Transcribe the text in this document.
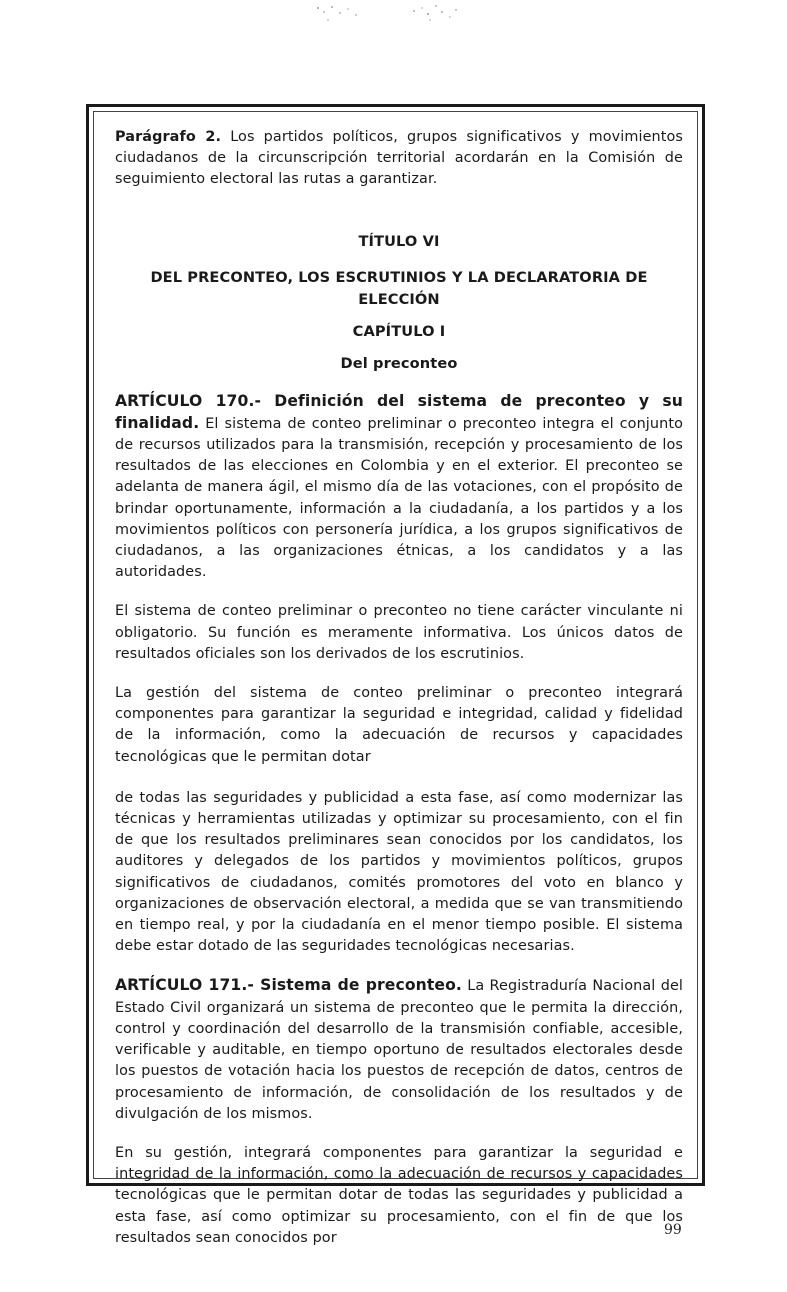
Parágrafo 2. Los partidos políticos, grupos significativos y movimientos ciudadanos de la circunscripción territorial acordarán en la Comisión de seguimiento electoral las rutas a garantizar.

TÍTULO VI

DEL PRECONTEO, LOS ESCRUTINIOS Y LA DECLARATORIA DE ELECCIÓN

CAPÍTULO I

Del preconteo

ARTÍCULO 170.- Definición del sistema de preconteo y su finalidad. El sistema de conteo preliminar o preconteo integra el conjunto de recursos utilizados para la transmisión, recepción y procesamiento de los resultados de las elecciones en Colombia y en el exterior. El preconteo se adelanta de manera ágil, el mismo día de las votaciones, con el propósito de brindar oportunamente, información a la ciudadanía, a los partidos y a los movimientos políticos con personería jurídica, a los grupos significativos de ciudadanos, a las organizaciones étnicas, a los candidatos y a las autoridades.

El sistema de conteo preliminar o preconteo no tiene carácter vinculante ni obligatorio. Su función es meramente informativa. Los únicos datos de resultados oficiales son los derivados de los escrutinios.

La gestión del sistema de conteo preliminar o preconteo integrará componentes para garantizar la seguridad e integridad, calidad y fidelidad de la información, como la adecuación de recursos y capacidades tecnológicas que le permitan dotar

de todas las seguridades y publicidad a esta fase, así como modernizar las técnicas y herramientas utilizadas y optimizar su procesamiento, con el fin de que los resultados preliminares sean conocidos por los candidatos, los auditores y delegados de los partidos y movimientos políticos, grupos significativos de ciudadanos, comités promotores del voto en blanco y organizaciones de observación electoral, a medida que se van transmitiendo en tiempo real, y por la ciudadanía en el menor tiempo posible. El sistema debe estar dotado de las seguridades tecnológicas necesarias.

ARTÍCULO 171.- Sistema de preconteo. La Registraduría Nacional del Estado Civil organizará un sistema de preconteo que le permita la dirección, control y coordinación del desarrollo de la transmisión confiable, accesible, verificable y auditable, en tiempo oportuno de resultados electorales desde los puestos de votación hacia los puestos de recepción de datos, centros de procesamiento de información, de consolidación de los resultados y de divulgación de los mismos.

En su gestión, integrará componentes para garantizar la seguridad e integridad de la información, como la adecuación de recursos y capacidades tecnológicas que le permitan dotar de todas las seguridades y publicidad a esta fase, así como optimizar su procesamiento, con el fin de que los resultados sean conocidos por	99
